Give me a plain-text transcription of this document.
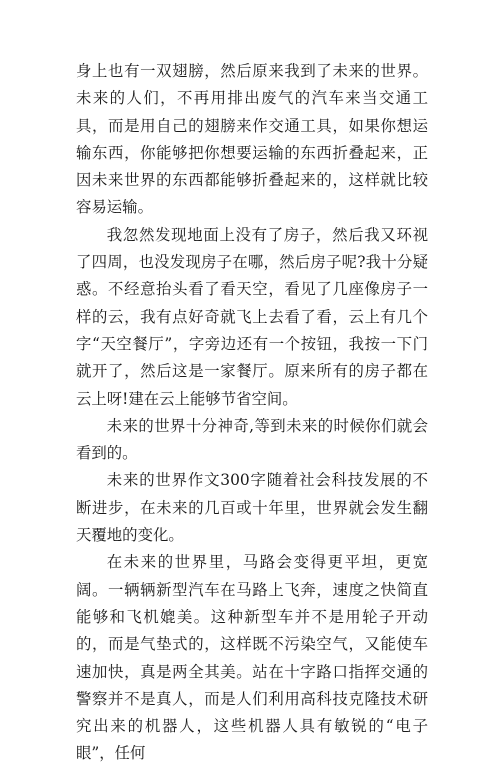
身上也有一双翅膀，然后原来我到了未来的世界。未来的人们，不再用排出废气的汽车来当交通工具，而是用自己的翅膀来作交通工具，如果你想运输东西，你能够把你想要运输的东西折叠起来，正因未来世界的东西都能够折叠起来的，这样就比较容易运输。

我忽然发现地面上没有了房子，然后我又环视了四周，也没发现房子在哪，然后房子呢?我十分疑惑。不经意抬头看了看天空，看见了几座像房子一样的云，我有点好奇就飞上去看了看，云上有几个字“天空餐厅”，字旁边还有一个按钮，我按一下门就开了，然后这是一家餐厅。原来所有的房子都在云上呀!建在云上能够节省空间。

未来的世界十分神奇,等到未来的时候你们就会看到的。

未来的世界作文300字随着社会科技发展的不断进步，在未来的几百或十年里，世界就会发生翻天覆地的变化。

在未来的世界里，马路会变得更平坦，更宽阔。一辆辆新型汽车在马路上飞奔，速度之快简直能够和飞机媲美。这种新型车并不是用轮子开动的，而是气垫式的，这样既不污染空气，又能使车速加快，真是两全其美。站在十字路口指挥交通的警察并不是真人，而是人们利用高科技克隆技术研究出来的机器人，这些机器人具有敏锐的“电子眼”，任何
